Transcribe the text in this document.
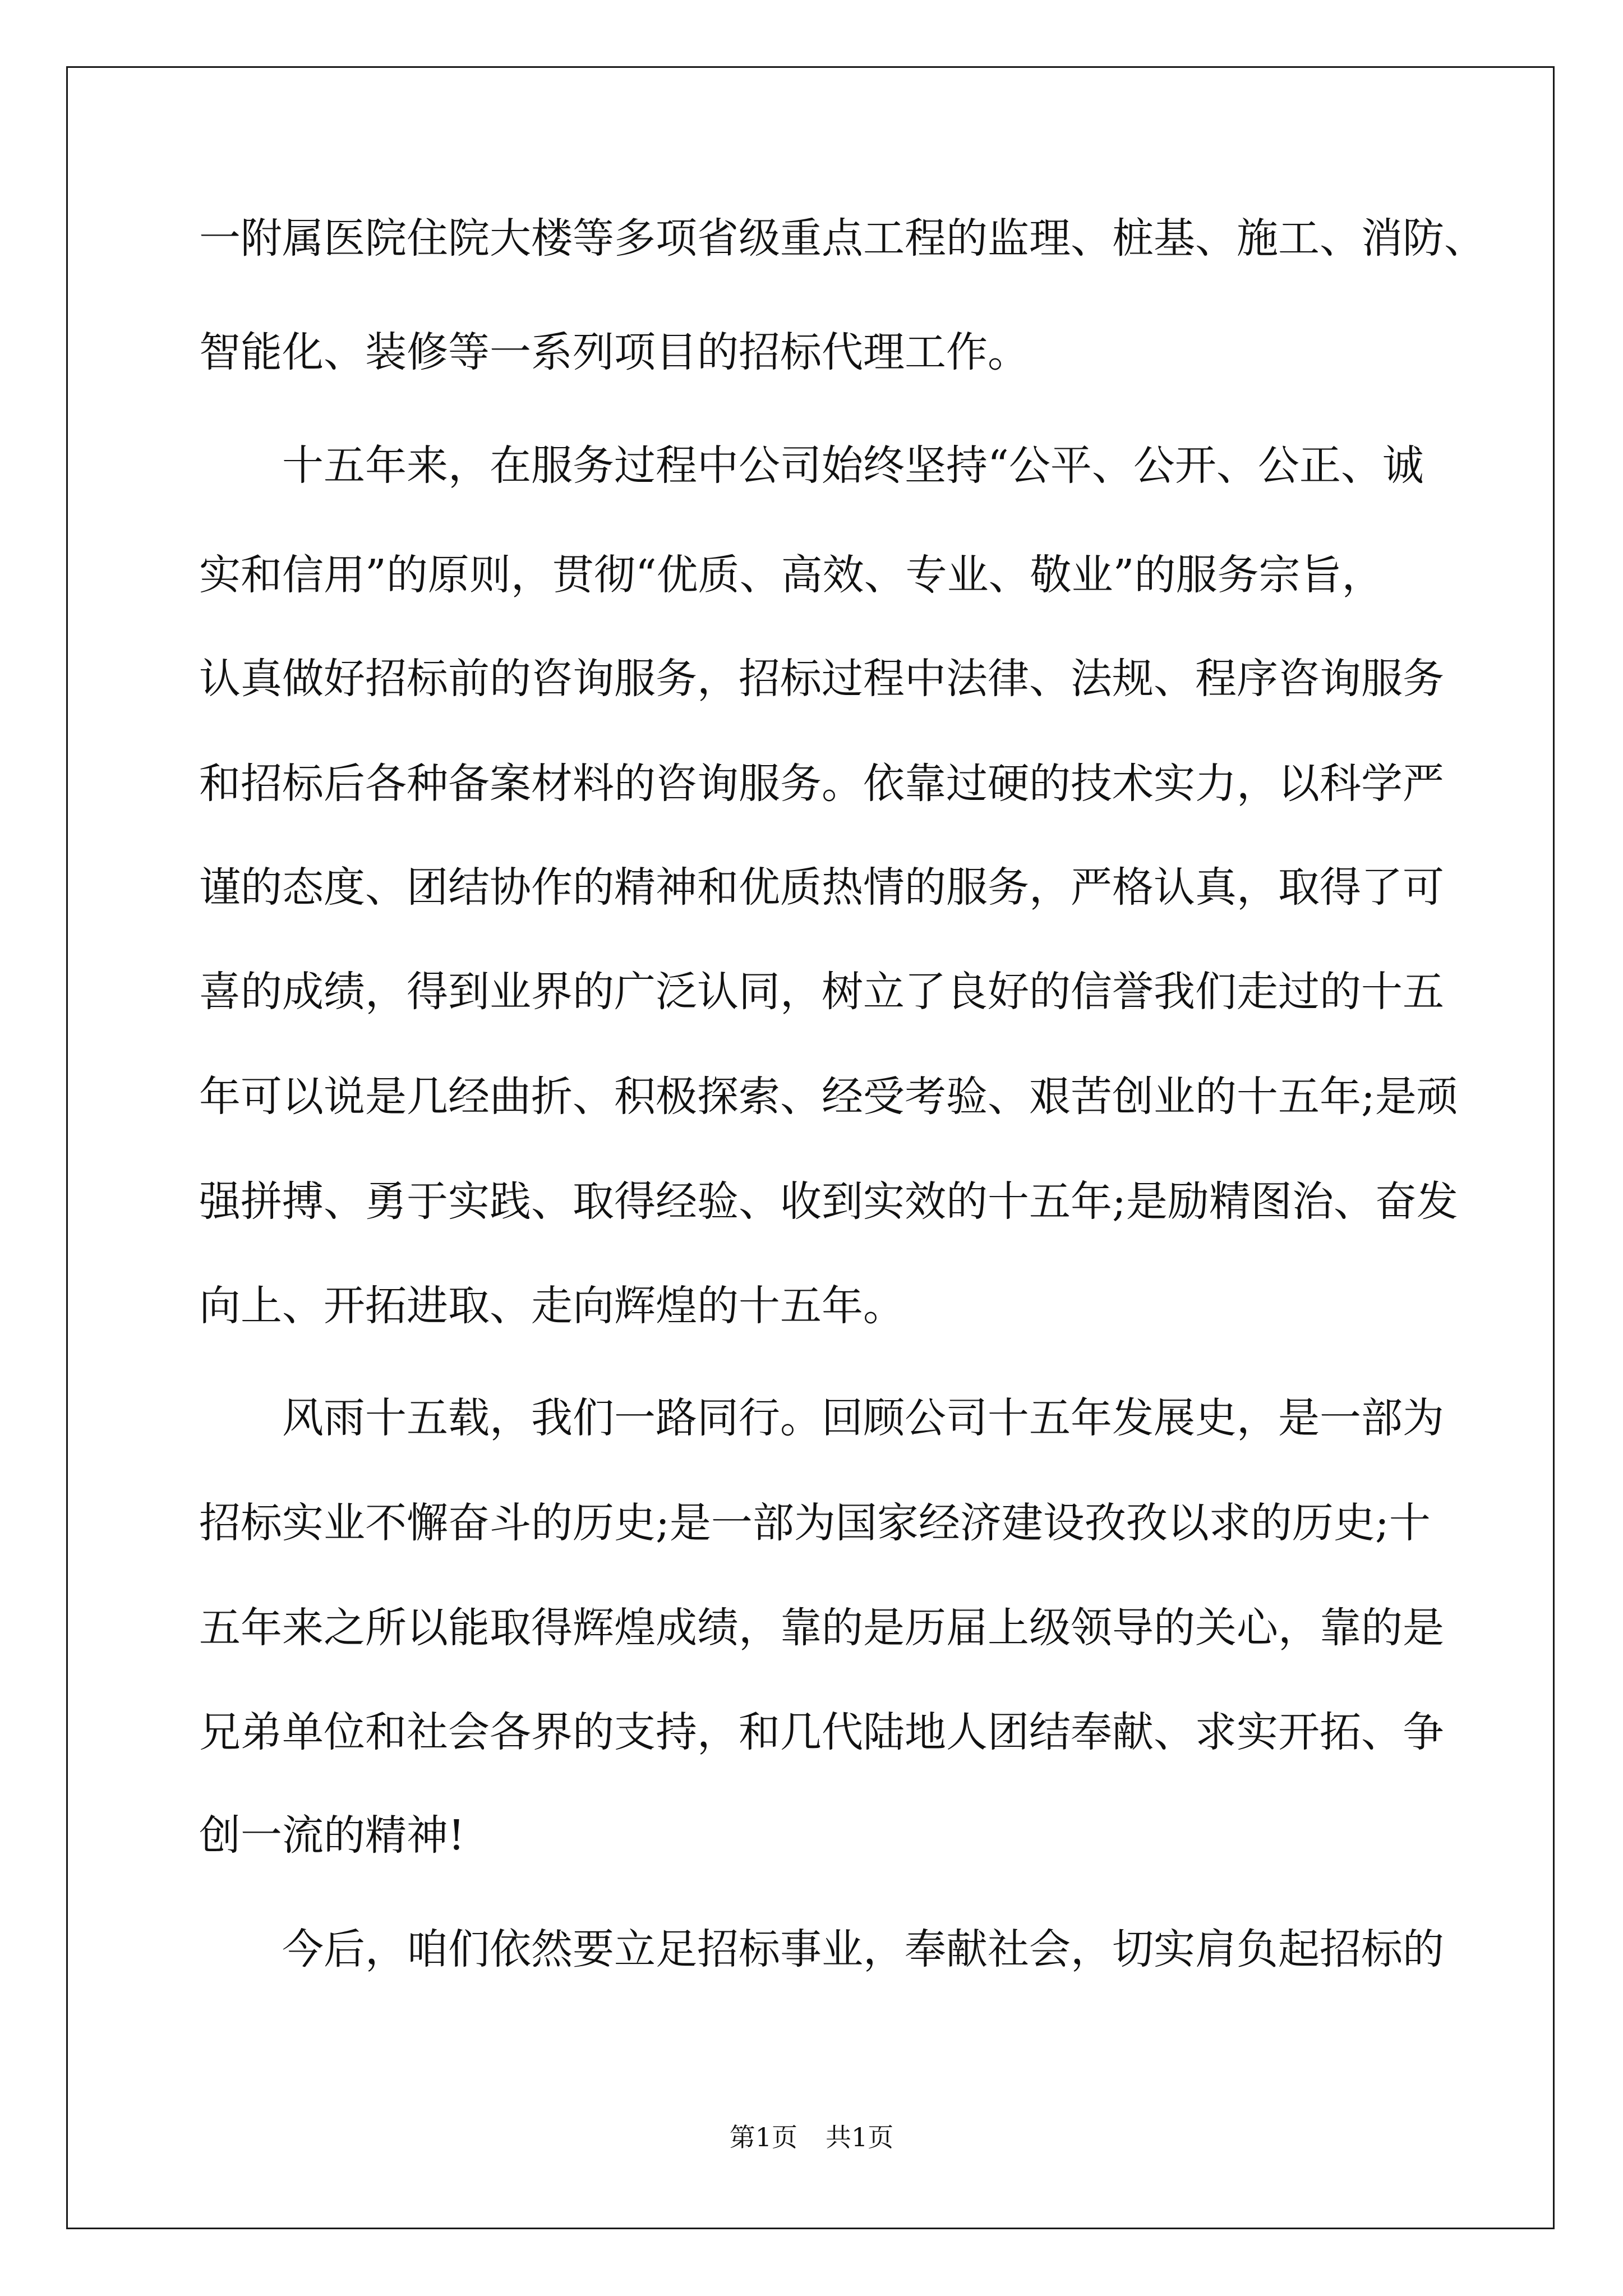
一附属医院住院大楼等多项省级重点工程的监理、桩基、施工、消防、
智能化、装修等一系列项目的招标代理工作。
十五年来，在服务过程中公司始终坚持“公平、公开、公正、诚
实和信用”的原则，贯彻“优质、高效、专业、敬业”的服务宗旨，
认真做好招标前的咨询服务，招标过程中法律、法规、程序咨询服务
和招标后各种备案材料的咨询服务。依靠过硬的技术实力，以科学严
谨的态度、团结协作的精神和优质热情的服务，严格认真，取得了可
喜的成绩，得到业界的广泛认同，树立了良好的信誉我们走过的十五
年可以说是几经曲折、积极探索、经受考验、艰苦创业的十五年;是顽
强拼搏、勇于实践、取得经验、收到实效的十五年;是励精图治、奋发
向上、开拓进取、走向辉煌的十五年。
风雨十五载，我们一路同行。回顾公司十五年发展史，是一部为
招标实业不懈奋斗的历史;是一部为国家经济建设孜孜以求的历史;十
五年来之所以能取得辉煌成绩，靠的是历届上级领导的关心，靠的是
兄弟单位和社会各界的支持，和几代陆地人团结奉献、求实开拓、争
创一流的精神!
今后，咱们依然要立足招标事业，奉献社会，切实肩负起招标的
第1页 共1页
